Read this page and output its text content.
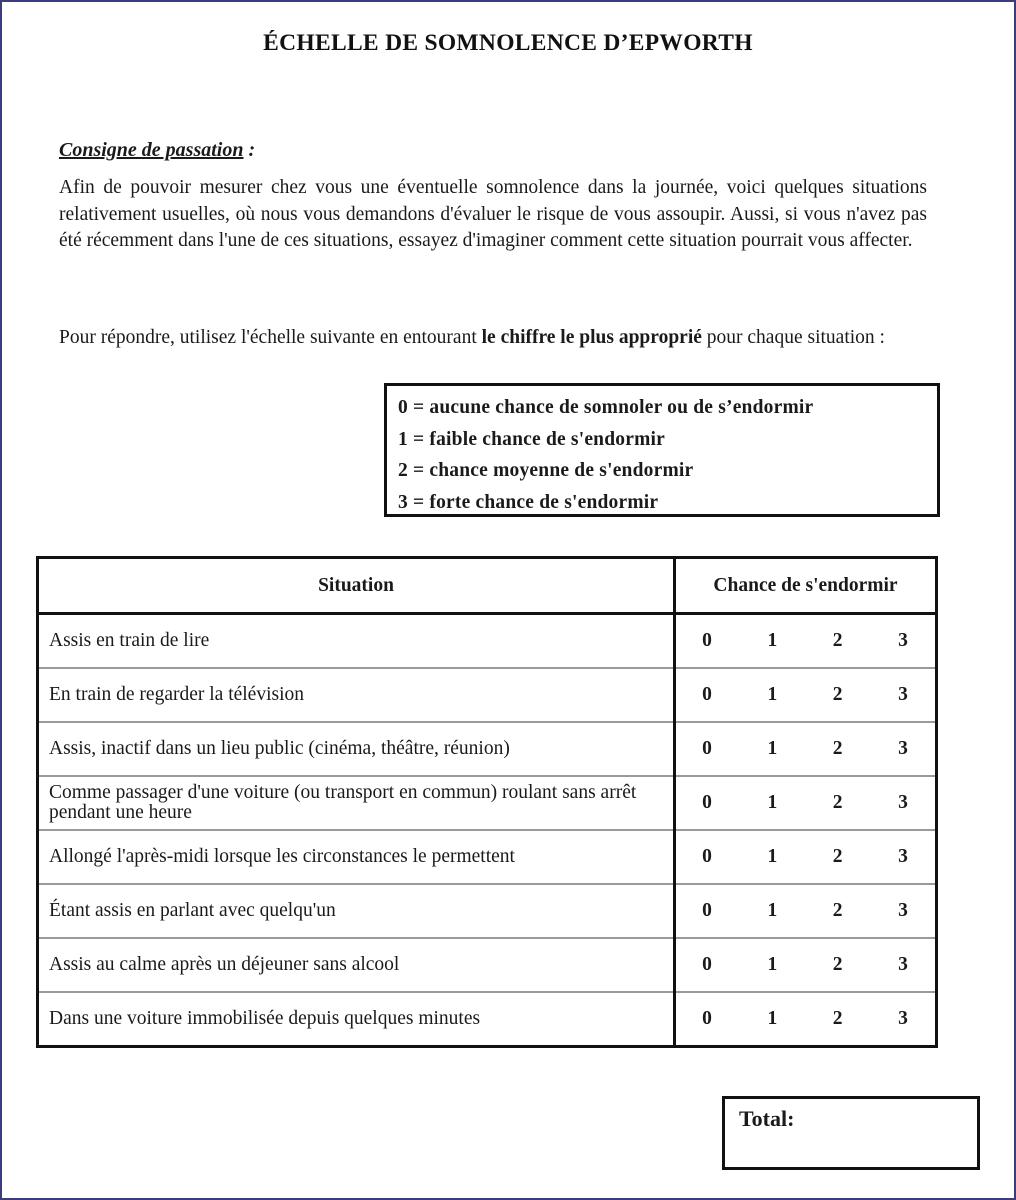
ÉCHELLE DE SOMNOLENCE D’EPWORTH
Consigne de passation :

Afin de pouvoir mesurer chez vous une éventuelle somnolence dans la journée, voici quelques situations relativement usuelles, où nous vous demandons d'évaluer le risque de vous assoupir. Aussi, si vous n'avez pas été récemment dans l'une de ces situations, essayez d'imaginer comment cette situation pourrait vous affecter.

Pour répondre, utilisez l'échelle suivante en entourant le chiffre le plus approprié pour chaque situation :

0 = aucune chance de somnoler ou de s’endormir
1 = faible chance de s'endormir
2 = chance moyenne de s'endormir
3 = forte chance de s'endormir
Situation	Chance de s'endormir
Assis en train de lire	0 1 2 3

En train de regarder la télévision	0 1 2 3

Assis, inactif dans un lieu public (cinéma, théâtre, réunion)	0 1 2 3

Comme passager d'une voiture (ou transport en commun) roulant sans arrêt pendant une heure	0 1 2 3

Allongé l'après-midi lorsque les circonstances le permettent	0 1 2 3

Étant assis en parlant avec quelqu'un	0 1 2 3

Assis au calme après un déjeuner sans alcool	0 1 2 3

Dans une voiture immobilisée depuis quelques minutes	0 1 2 3
Total:
